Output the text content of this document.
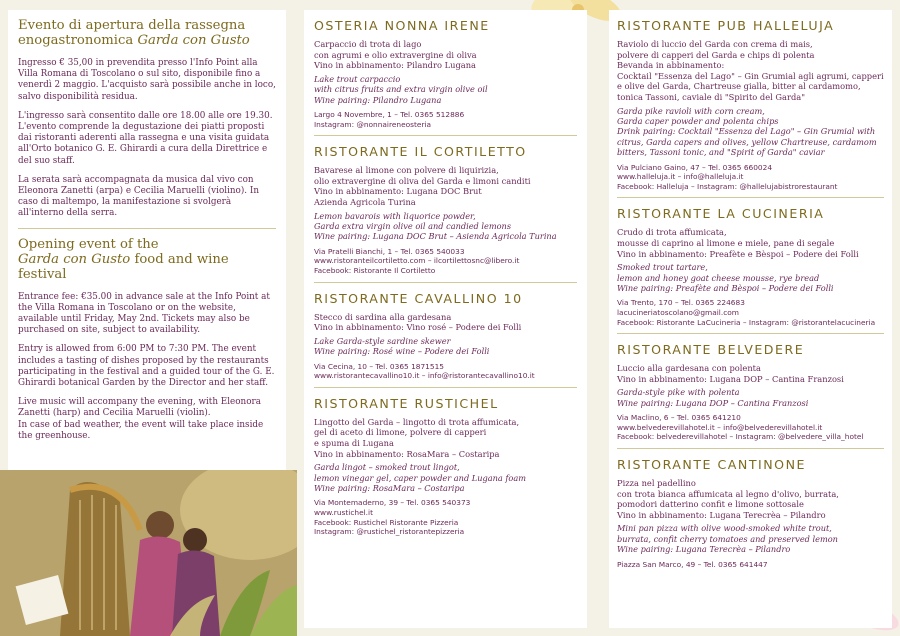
Evento di apertura della rassegna enogastronomica Garda con Gusto

Ingresso € 35,00 in prevendita presso l'Info Point alla Villa Romana di Toscolano o sul sito, disponibile fino a venerdì 2 maggio. L'acquisto sarà possibile anche in loco, salvo disponibilità residua.

L'ingresso sarà consentito dalle ore 18.00 alle ore 19.30. L'evento comprende la degustazione dei piatti proposti dai ristoranti aderenti alla rassegna e una visita guidata all'Orto botanico G. E. Ghirardi a cura della Direttrice e del suo staff.

La serata sarà accompagnata da musica dal vivo con Eleonora Zanetti (arpa) e Cecilia Maruelli (violino). In caso di maltempo, la manifestazione si svolgerà all'interno della serra.

Opening event of the
Garda con Gusto food and wine festival

Entrance fee: €35.00 in advance sale at the Info Point at the Villa Romana in Toscolano or on the website, available until Friday, May 2nd. Tickets may also be purchased on site, subject to availability.

Entry is allowed from 6:00 PM to 7:30 PM. The event includes a tasting of dishes proposed by the restaurants participating in the festival and a guided tour of the G. E. Ghirardi botanical Garden by the Director and her staff.

Live music will accompany the evening, with Eleonora Zanetti (harp) and Cecilia Maruelli (violin).
In case of bad weather, the event will take place inside the greenhouse.

OSTERIA NONNA IRENE

Carpaccio di trota di lago
con agrumi e olio extravergine di oliva
Vino in abbinamento: Pilandro Lugana

Lake trout carpaccio
with citrus fruits and extra virgin olive oil
Wine pairing: Pilandro Lugana

Largo 4 Novembre, 1 – Tel. 0365 512886
Instagram: @nonnaireneosteria

RISTORANTE IL CORTILETTO

Bavarese al limone con polvere di liquirizia,
olio extravergine di oliva del Garda e limoni canditi
Vino in abbinamento: Lugana DOC Brut
Azienda Agricola Turina

Lemon bavarois with liquorice powder,
Garda extra virgin olive oil and candied lemons
Wine pairing: Lugana DOC Brut – Asienda Agricola Turina

Via Pratelli Bianchi, 1 – Tel. 0365 540033
www.ristoranteilcortiletto.com – ilcortilettosnc@libero.it
Facebook: Ristorante Il Cortiletto

RISTORANTE CAVALLINO 10

Stecco di sardina alla gardesana
Vino in abbinamento: Vino rosé – Podere dei Folli

Lake Garda-style sardine skewer
Wine pairing: Rosé wine – Podere dei Folli

Via Cecina, 10 – Tel. 0365 1871515
www.ristorantecavallino10.it – info@ristorantecavallino10.it

RISTORANTE RUSTICHEL

Lingotto del Garda – lingotto di trota affumicata,
gel di aceto di limone, polvere di capperi
e spuma di Lugana
Vino in abbinamento: RosaMara – Costaripa

Garda lingot – smoked trout lingot,
lemon vinegar gel, caper powder and Lugana foam
Wine pairing: RosaMara – Costaripa

Via Montemaderno, 39 – Tel. 0365 540373
www.rustichel.it
Facebook: Rustichel Ristorante Pizzeria
Instagram: @rustichel_ristorantepizzeria

RISTORANTE PUB HALLELUJA

Raviolo di luccio del Garda con crema di mais,
polvere di capperi del Garda e chips di polenta
Bevanda in abbinamento:
Cocktail "Essenza del Lago" – Gin Grumial agli agrumi, capperi e olive del Garda, Chartreuse gialla, bitter al cardamomo, tonica Tassoni, caviale di "Spirito del Garda"

Garda pike ravioli with corn cream,
Garda caper powder and polenta chips
Drink pairing: Cocktail "Essenza del Lago" – Gin Grumial with citrus, Garda capers and olives, yellow Chartreuse, cardamom bitters, Tassoni tonic, and "Spirit of Garda" caviar

Via Pulciano Gaino, 47 – Tel. 0365 660024
www.halleluja.it – info@halleluja.it
Facebook: Halleluja – Instagram: @hallelujabistrorestaurant

RISTORANTE LA CUCINERIA

Crudo di trota affumicata,
mousse di caprino al limone e miele, pane di segale
Vino in abbinamento: Preafète e Bèspoi – Podere dei Folli

Smoked trout tartare,
lemon and honey goat cheese mousse, rye bread
Wine pairing: Preafète and Bèspoi – Podere dei Folli

Via Trento, 170 – Tel. 0365 224683
lacucineriatoscolano@gmail.com
Facebook: Ristorante LaCucineria – Instagram: @ristorantelacucineria

RISTORANTE BELVEDERE

Luccio alla gardesana con polenta
Vino in abbinamento: Lugana DOP – Cantina Franzosi

Garda-style pike with polenta
Wine pairing: Lugana DOP – Cantina Franzosi

Via Maclino, 6 – Tel. 0365 641210
www.belvederevillahotel.it – info@belvederevillahotel.it
Facebook: belvederevillahotel – Instagram: @belvedere_villa_hotel

RISTORANTE CANTINONE

Pizza nel padellino
con trota bianca affumicata al legno d'olivo, burrata,
pomodori datterino confit e limone sottosale
Vino in abbinamento: Lugana Terecrèa – Pilandro

Mini pan pizza with olive wood-smoked white trout,
burrata, confit cherry tomatoes and preserved lemon
Wine pairing: Lugana Terecrèa – Pilandro

Piazza San Marco, 49 – Tel. 0365 641447
